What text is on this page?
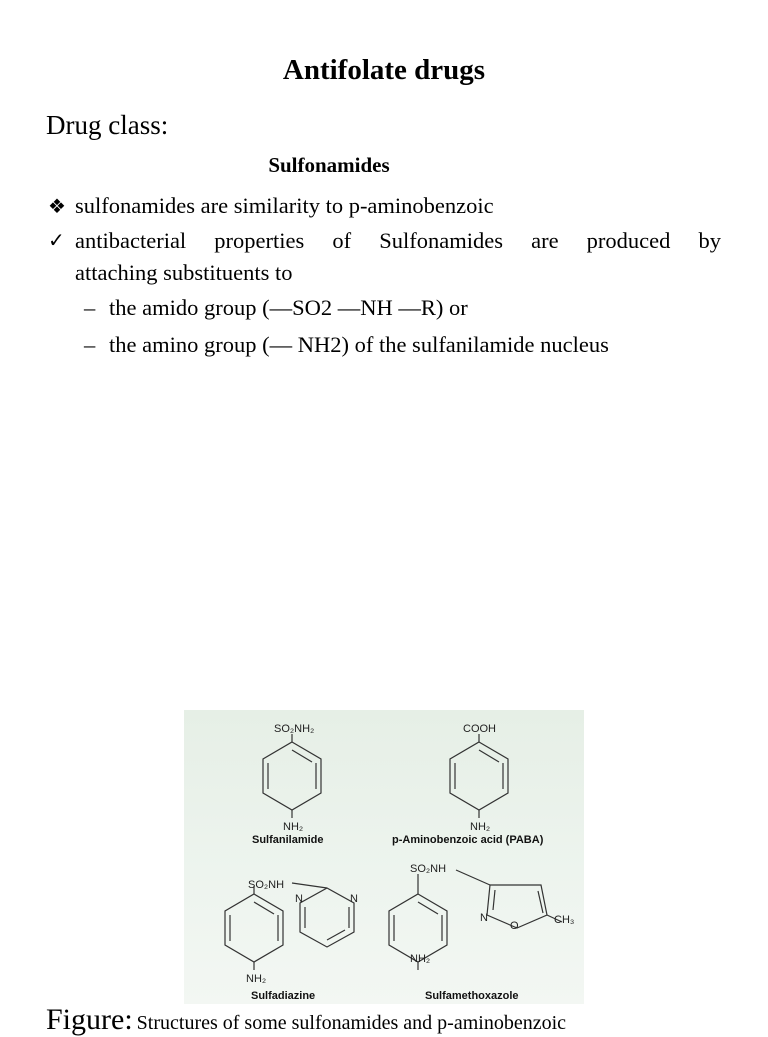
Antifolate drugs
Drug class:
Sulfonamides
❖ sulfonamides are similarity to p-aminobenzoic
✓ antibacterial properties of Sulfonamides are produced by
attaching substituents to
– the amido group (—SO2 —NH —R) or
– the amino group (— NH2) of the sulfanilamide nucleus
SO₂NH₂
NH₂
Sulfanilamide
COOH
NH₂
p-Aminobenzoic acid (PABA)
SO₂NH
N	N
NH₂
Sulfadiazine
SO₂NH
N
O	CH₃
NH₂
Sulfamethoxazole
Figure: Structures of some sulfonamides and p-aminobenzoic
